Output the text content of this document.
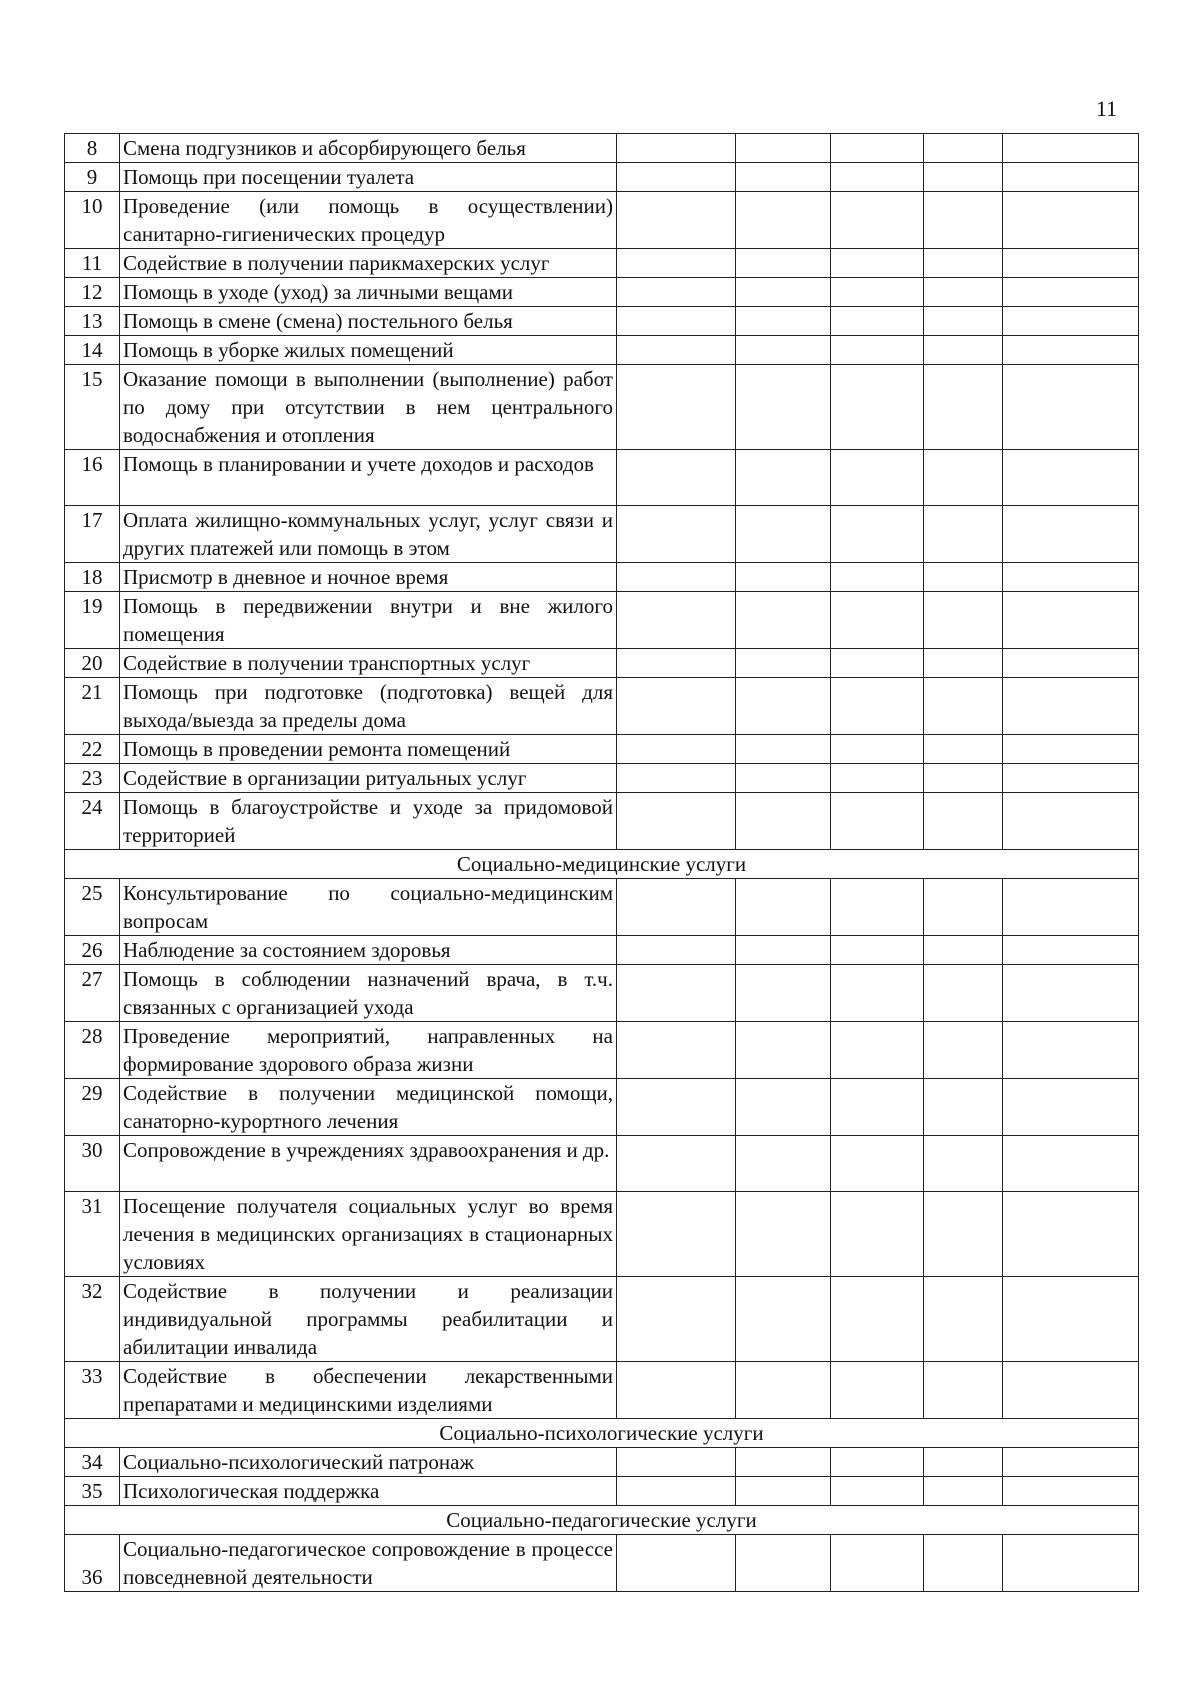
11
8	Смена подгузников и абсорбирующего белья					
9	Помощь при посещении туалета					
10	Проведение (или помощь в осуществлении) санитарно-гигиенических процедур					
11	Содействие в получении парикмахерских услуг					
12	Помощь в уходе (уход) за личными вещами					
13	Помощь в смене (смена) постельного белья					
14	Помощь в уборке жилых помещений					
15	Оказание помощи в выполнении (выполнение) работ по дому при отсутствии в нем центрального водоснабжения и отопления					
16	Помощь в планировании и учете доходов и расходов					
17	Оплата жилищно-коммунальных услуг, услуг связи и других платежей или помощь в этом					
18	Присмотр в дневное и ночное время					
19	Помощь в передвижении внутри и вне жилого помещения					
20	Содействие в получении транспортных услуг					
21	Помощь при подготовке (подготовка) вещей для выхода/выезда за пределы дома					
22	Помощь в проведении ремонта помещений					
23	Содействие в организации ритуальных услуг					
24	Помощь в благоустройстве и уходе за придомовой территорией					
Социально-медицинские услуги						
25	Консультирование по социально-медицинским вопросам					
26	Наблюдение за состоянием здоровья					
27	Помощь в соблюдении назначений врача, в т.ч. связанных с организацией ухода					
28	Проведение мероприятий, направленных на формирование здорового образа жизни					
29	Содействие в получении медицинской помощи, санаторно-курортного лечения					
30	Сопровождение в учреждениях здравоохранения и др.					
31	Посещение получателя социальных услуг во время лечения в медицинских организациях в стационарных условиях					
32	Содействие в получении и реализации индивидуальной программы реабилитации и абилитации инвалида					
33	Содействие в обеспечении лекарственными препаратами и медицинскими изделиями					
Социально-психологические услуги						
34	Социально-психологический патронаж					
35	Психологическая поддержка					
Социально-педагогические услуги						
36	Социально-педагогическое сопровождение в процессе повседневной деятельности					
